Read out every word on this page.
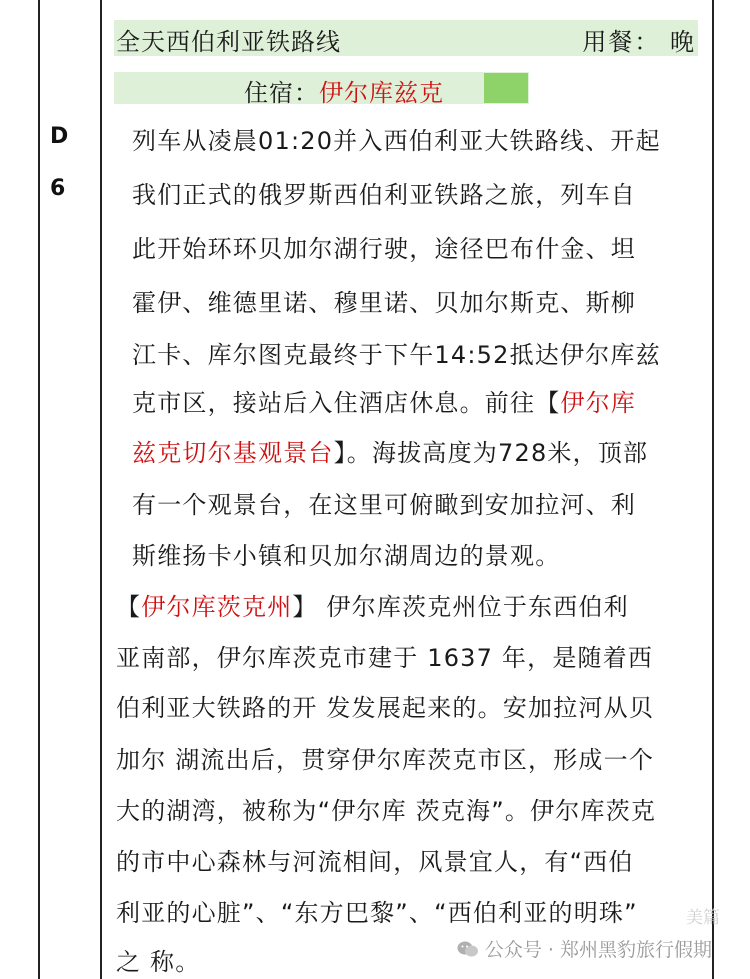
D
6
全天西伯利亚铁路线	用餐： 晚
住宿：伊尔库兹克
列车从凌晨01:20并入西伯利亚大铁路线、开起
我们正式的俄罗斯西伯利亚铁路之旅，列车自
此开始环环贝加尔湖行驶，途径巴布什金、坦
霍伊、维德里诺、穆里诺、贝加尔斯克、斯柳
江卡、库尔图克最终于下午14:52抵达伊尔库兹
克市区，接站后入住酒店休息。前往【伊尔库
兹克切尔基观景台】。海拔高度为728米，顶部
有一个观景台，在这里可俯瞰到安加拉河、利
斯维扬卡小镇和贝加尔湖周边的景观。
【伊尔库茨克州】 伊尔库茨克州位于东西伯利
亚南部，伊尔库茨克市建于 1637 年，是随着西
伯利亚大铁路的开 发发展起来的。安加拉河从贝
加尔 湖流出后，贯穿伊尔库茨克市区，形成一个
大的湖湾，被称为“伊尔库 茨克海”。伊尔库茨克
的市中心森林与河流相间，风景宜人，有“西伯
利亚的心脏”、“东方巴黎”、“西伯利亚的明珠”
之 称。
美篇
公众号 · 郑州黑豹旅行假期
